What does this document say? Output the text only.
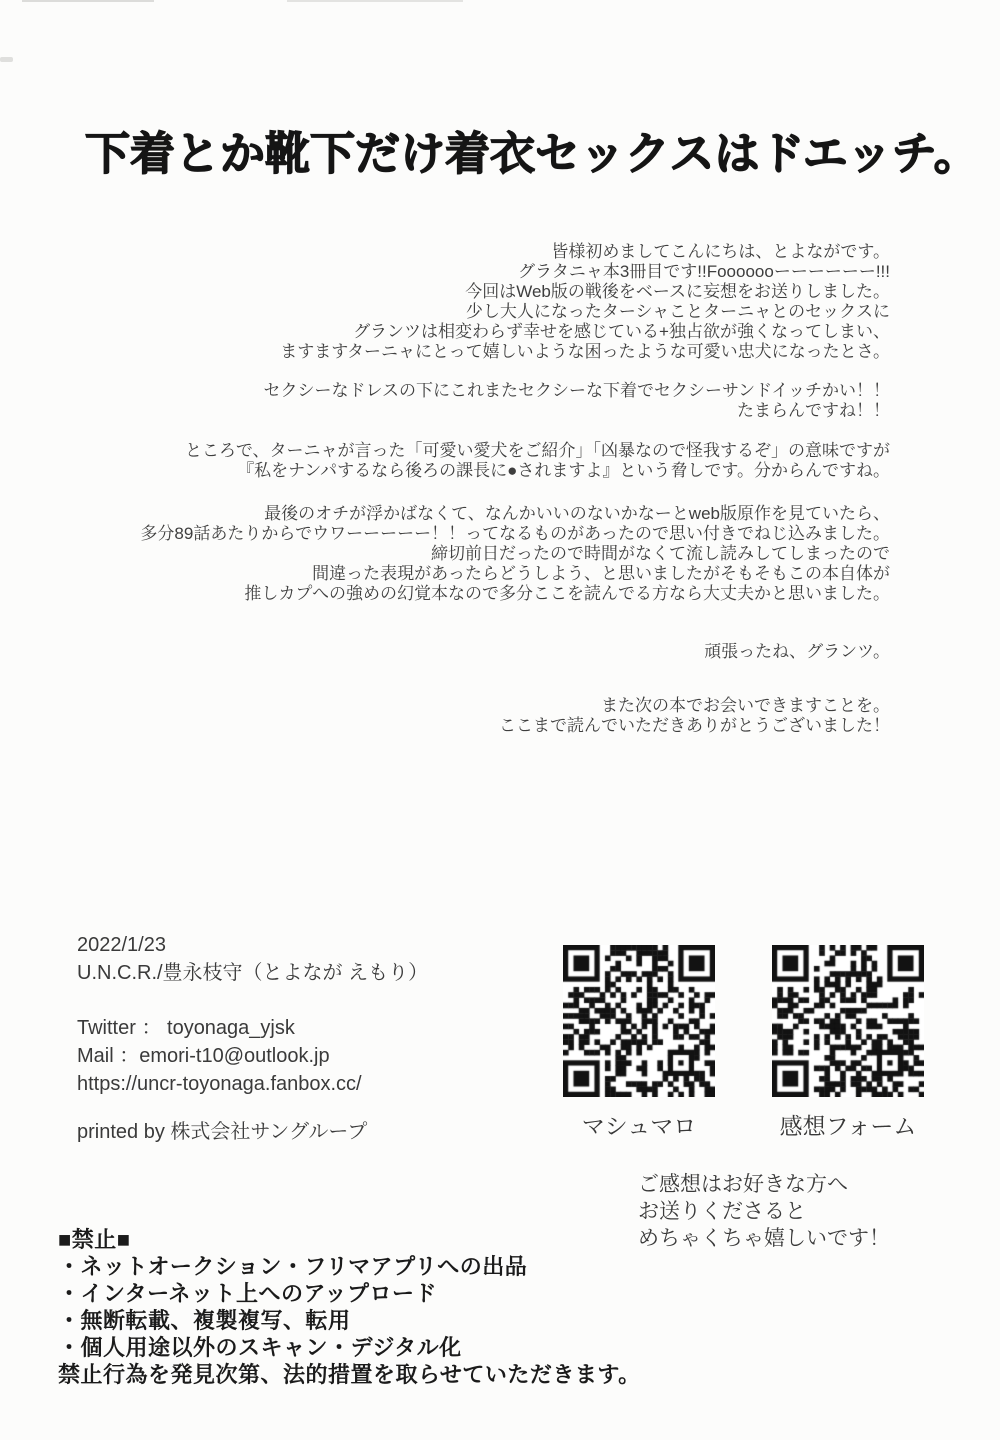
下着とか靴下だけ着衣セックスはドエッチ。
皆様初めましてこんにちは、とよながです。
グラタニャ本3冊目です!!Fooooooーーーーーー!!!
今回はWeb版の戦後をベースに妄想をお送りしました。
少し大人になったターシャことターニャとのセックスに
グランツは相変わらず幸せを感じている+独占欲が強くなってしまい、
ますますターニャにとって嬉しいような困ったような可愛い忠犬になったとさ。
セクシーなドレスの下にこれまたセクシーな下着でセクシーサンドイッチかい！！
たまらんですね！！
ところで、ターニャが言った「可愛い愛犬をご紹介」「凶暴なので怪我するぞ」の意味ですが
『私をナンパするなら後ろの課長に●されますよ』という脅しです。分からんですね。
最後のオチが浮かばなくて、なんかいいのないかなーとweb版原作を見ていたら、
多分89話あたりからでウワーーーーー！！ってなるものがあったので思い付きでねじ込みました。
締切前日だったので時間がなくて流し読みしてしまったので
間違った表現があったらどうしよう、と思いましたがそもそもこの本自体が
推しカプへの強めの幻覚本なので多分ここを読んでる方なら大丈夫かと思いました。
頑張ったね、グランツ。
また次の本でお会いできますことを。
ここまで読んでいただきありがとうございました！
2022/1/23
U.N.C.R./豊永枝守（とよなが えもり）
Twitter ： toyonaga_yjsk
Mail ：emori-t10@outlook.jp
https://uncr-toyonaga.fanbox.cc/
printed by 株式会社サングループ	マシュマロ	感想フォーム
ご感想はお好きな方へ
お送りくださると
めちゃくちゃ嬉しいです！
■禁止■
・ネットオークション・フリマアプリへの出品
・インターネット上へのアップロード
・無断転載、複製複写、転用
・個人用途以外のスキャン・デジタル化
禁止行為を発見次第、法的措置を取らせていただきます。
